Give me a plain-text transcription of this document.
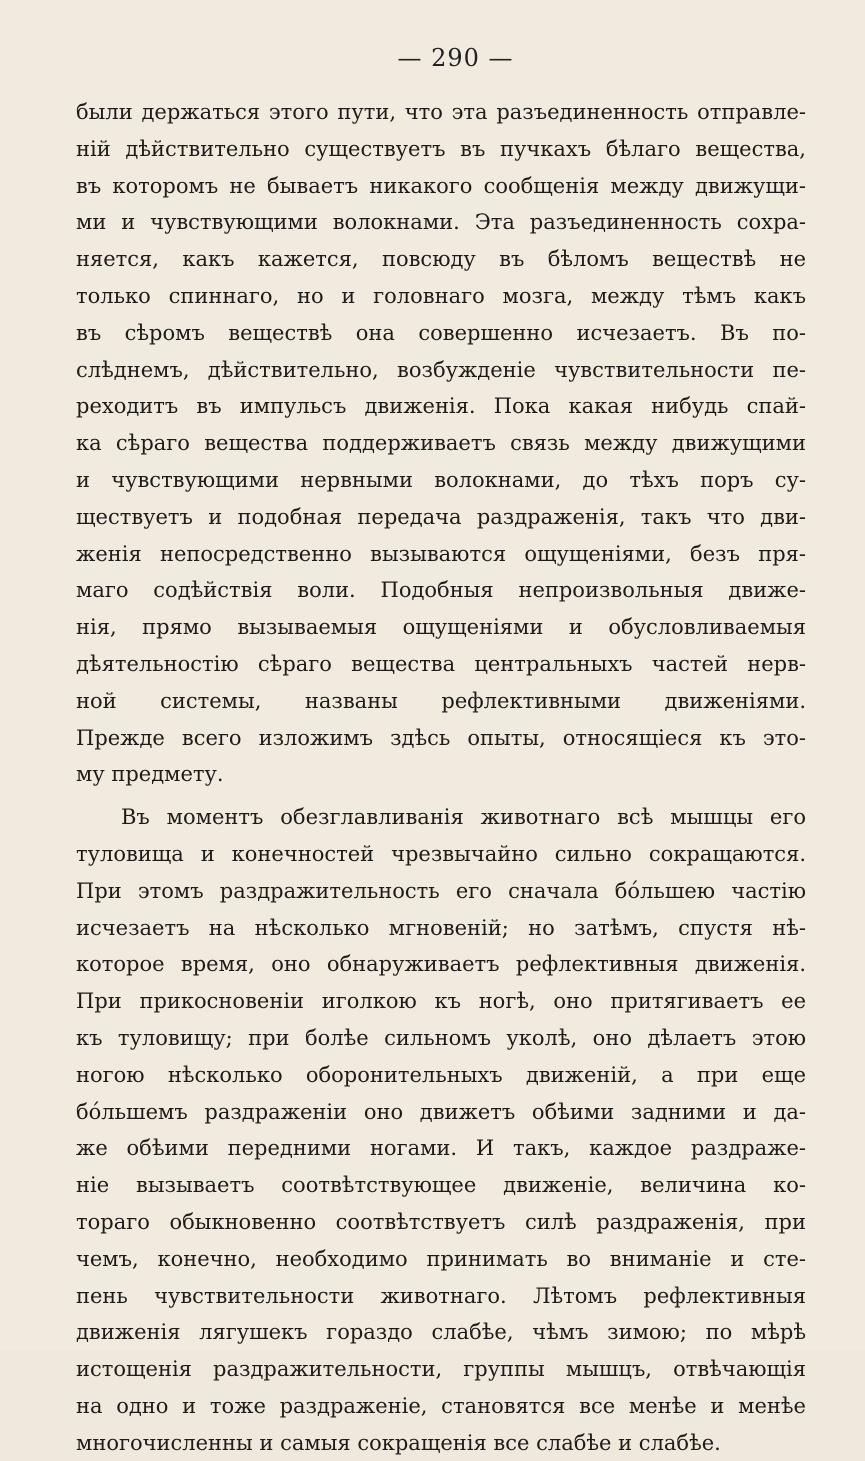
— 290 —
были держаться этого пути, что эта разъединенность отправле-
ній дѣйствительно существуетъ въ пучкахъ бѣлаго вещества,
въ которомъ не бываетъ никакого сообщенія между движущи-
ми и чувствующими волокнами. Эта разъединенность сохра-
няется, какъ кажется, повсюду въ бѣломъ веществѣ не
только спиннаго, но и головнаго мозга, между тѣмъ какъ
въ сѣромъ веществѣ она совершенно исчезаетъ. Въ по-
слѣднемъ, дѣйствительно, возбужденіе чувствительности пе-
реходитъ въ импульсъ движенія. Пока какая нибудь спай-
ка сѣраго вещества поддерживаетъ связь между движущими
и чувствующими нервными волокнами, до тѣхъ поръ су-
ществуетъ и подобная передача раздраженія, такъ что дви-
женія непосредственно вызываются ощущеніями, безъ пря-
маго содѣйствія воли. Подобныя непроизвольныя движе-
нія, прямо вызываемыя ощущеніями и обусловливаемыя
дѣятельностію сѣраго вещества центральныхъ частей нерв-
ной системы, названы рефлективными движеніями.
Прежде всего изложимъ здѣсь опыты, относящіеся къ это-
му предмету.
Въ моментъ обезглавливанія животнаго всѣ мышцы его
туловища и конечностей чрезвычайно сильно сокращаются.
При этомъ раздражительность его сначала бо́льшею частію
исчезаетъ на нѣсколько мгновеній; но затѣмъ, спустя нѣ-
которое время, оно обнаруживаетъ рефлективныя движенія.
При прикосновеніи иголкою къ ногѣ, оно притягиваетъ ее
къ туловищу; при болѣе сильномъ уколѣ, оно дѣлаетъ этою
ногою нѣсколько оборонительныхъ движеній, а при еще
бо́льшемъ раздраженіи оно движетъ обѣими задними и да-
же обѣими передними ногами. И такъ, каждое раздраже-
ніе вызываетъ соотвѣтствующее движеніе, величина ко-
тораго обыкновенно соотвѣтствуетъ силѣ раздраженія, при
чемъ, конечно, необходимо принимать во вниманіе и сте-
пень чувствительности животнаго. Лѣтомъ рефлективныя
движенія лягушекъ гораздо слабѣе, чѣмъ зимою; по мѣрѣ
истощенія раздражительности, группы мышцъ, отвѣчающія
на одно и тоже раздраженіе, становятся все менѣе и менѣе
многочисленны и самыя сокращенія все слабѣе и слабѣе.
